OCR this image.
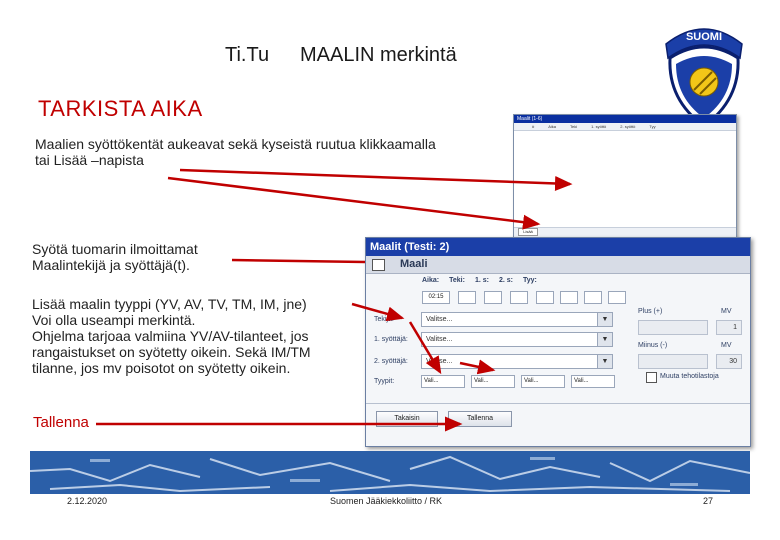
Ti.Tu MAALIN merkintä
SUOMI
TARKISTA AIKA
Maalien syöttökentät aukeavat sekä kyseistä ruutua klikkaamalla
tai Lisää –napista
Syötä tuomarin ilmoittamat
Maalintekijä ja syöttäjä(t).
Lisää maalin tyyppi (YV, AV, TV, TM, IM, jne)
Voi olla useampi merkintä.
Ohjelma tarjoaa valmiina YV/AV-tilanteet, jos
rangaistukset on syötetty oikein. Sekä IM/TM
tilanne, jos mv poisotot on syötetty oikein.
Tallenna
Maalit (1-6)
#	Aika	Teki	1. syöttö	2. syöttö	Tyy
Lisää
Maalit (Testi: 2)
Maali
Aika: Teki: 1. s: 2. s: Tyy:
02:15
Tekijä:	Valitse...	▼
1. syöttäjä:	Valitse...	▼
2. syöttäjä:	Valitse...	▼
Tyypit:	Vali...	Vali...	Vali...	Vali...
Plus (+)	MV
1
Miinus (-)	MV
30
Muuta tehotilastoja
Takaisin	Tallenna
2.12.2020	Suomen Jääkiekkoliitto / RK	27
